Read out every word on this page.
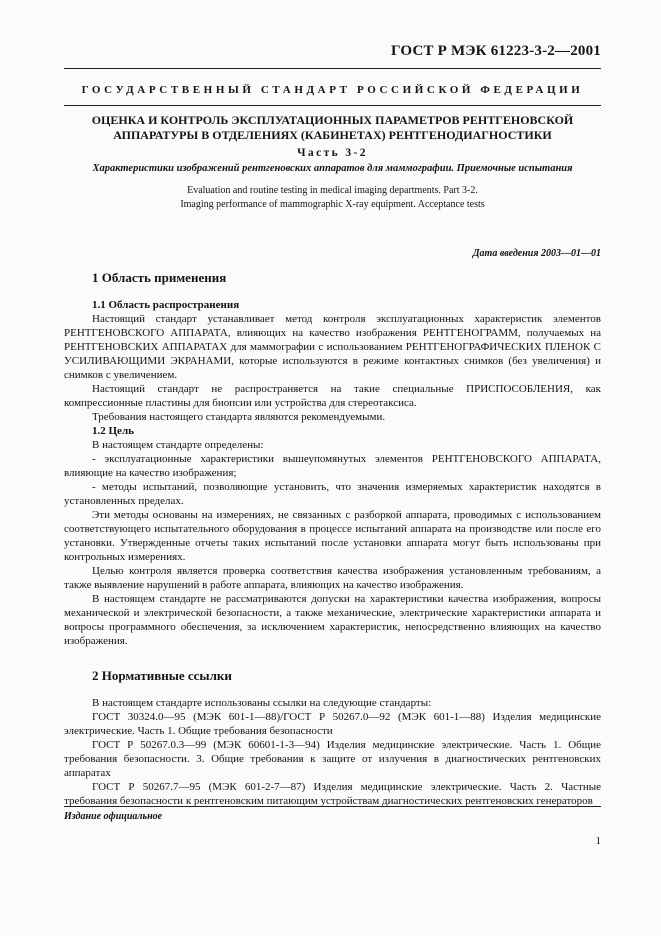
ГОСТ Р МЭК 61223-3-2—2001
ГОСУДАРСТВЕННЫЙ СТАНДАРТ РОССИЙСКОЙ ФЕДЕРАЦИИ
ОЦЕНКА И КОНТРОЛЬ ЭКСПЛУАТАЦИОННЫХ ПАРАМЕТРОВ РЕНТГЕНОВСКОЙ
АППАРАТУРЫ В ОТДЕЛЕНИЯХ (КАБИНЕТАХ) РЕНТГЕНОДИАГНОСТИКИ
Часть 3-2
Характеристики изображений рентгеновских аппаратов для маммографии. Приемочные испытания
Evaluation and routine testing in medical imaging departments. Part 3-2.
Imaging performance of mammographic X-ray equipment. Acceptance tests
Дата введения 2003—01—01
1 Область применения
1.1 Область распространения

Настоящий стандарт устанавливает метод контроля эксплуатационных характеристик элементов РЕНТГЕНОВСКОГО АППАРАТА, влияющих на качество изображения РЕНТГЕНОГРАММ, получаемых на РЕНТГЕНОВСКИХ АППАРАТАХ для маммографии с использованием РЕНТГЕНОГРАФИЧЕСКИХ ПЛЕНОК С УСИЛИВАЮЩИМИ ЭКРАНАМИ, которые используются в режиме контактных снимков (без увеличения) и снимков с увеличением.

Настоящий стандарт не распространяется на такие специальные ПРИСПОСОБЛЕНИЯ, как компрессионные пластины для биопсии или устройства для стереотаксиса.

Требования настоящего стандарта являются рекомендуемыми.

1.2 Цель

В настоящем стандарте определены:

- эксплуатационные характеристики вышеупомянутых элементов РЕНТГЕНОВСКОГО АППАРАТА, влияющие на качество изображения;

- методы испытаний, позволяющие установить, что значения измеряемых характеристик находятся в установленных пределах.

Эти методы основаны на измерениях, не связанных с разборкой аппарата, проводимых с использованием соответствующего испытательного оборудования в процессе испытаний аппарата на производстве или после его установки. Утвержденные отчеты таких испытаний после установки аппарата могут быть использованы при контрольных измерениях.

Целью контроля является проверка соответствия качества изображения установленным требованиям, а также выявление нарушений в работе аппарата, влияющих на качество изображения.

В настоящем стандарте не рассматриваются допуски на характеристики качества изображения, вопросы механической и электрической безопасности, а также механические, электрические характеристики аппарата и вопросы программного обеспечения, за исключением характеристик, непосредственно влияющих на качество изображения.

2 Нормативные ссылки

В настоящем стандарте использованы ссылки на следующие стандарты:

ГОСТ 30324.0—95 (МЭК 601-1—88)/ГОСТ Р 50267.0—92 (МЭК 601-1—88) Изделия медицинские электрические. Часть 1. Общие требования безопасности

ГОСТ Р 50267.0.3—99 (МЭК 60601-1-3—94) Изделия медицинские электрические. Часть 1. Общие требования безопасности. 3. Общие требования к защите от излучения в диагностических рентгеновских аппаратах

ГОСТ Р 50267.7—95 (МЭК 601-2-7—87) Изделия медицинские электрические. Часть 2. Частные требования безопасности к рентгеновским питающим устройствам диагностических рентгеновских генераторов

Издание официальное
1
